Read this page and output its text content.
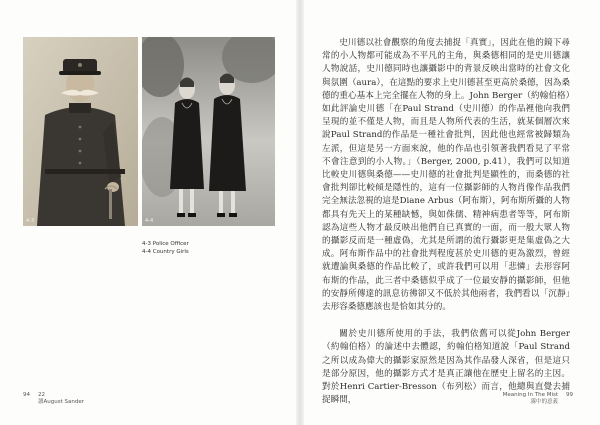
4-3	4-4
4-3 Police Officer
4-4 Country Girls
94 22
讀August Sander

史川德以社會觀察的角度去捕捉「真實」，因此在他的鏡下尋常的小人物都可能成為不平凡的主角，與桑德相同的是史川德讓人物說話，史川德同時也讓攝影中的背景反映出當時的社會文化與氛圍（aura），在這點的要求上史川德甚至更高於桑德，因為桑德的重心基本上完全擺在人物的身上。John Berger（約翰伯格）如此評論史川德「在Paul Strand（史川德）的作品裡他向我們呈現的並不僅是人物，而且是人物所代表的生活，就某個層次來說Paul Strand的作品是一種社會批判，因此他也經常被歸類為左派，但這是另一方面來說，他的作品也引領著我們看見了平常不會注意到的小人物。」（Berger, 2000, p.41），我們可以知道比較史川德與桑德——史川德的社會批判是顯性的，而桑德的社會批判卻比較傾是隱性的，這有一位攝影師的人物肖像作品我們完全無法忽視的這是Diane Arbus（阿布斯），阿布斯所攝的人物都具有先天上的某種缺憾，與如侏儒、精神病患者等等，阿布斯認為這些人物才最反映出他們自已真實的一面，而一般大眾人物的攝影反而是一種虛偽，尤其是所謂的流行攝影更是集虛偽之大成。阿布斯作品中的社會批判程度甚於史川德的更為激烈，曾經就遭論與桑德的作品比較了，或許我們可以用「悲憐」去形容阿布斯的作品，此三者中桑德似乎成了一位最安靜的攝影師，但他的安靜所傳達的訊息彷彿卻又不低於其他兩者，我們看以「沉靜」去形容桑德應該也是恰如其分的。

關於史川德所使用的手法，我們依舊可以從John Berger（約翰伯格）的論述中去體認，約翰伯格知道說「Paul Strand之所以成為偉大的攝影家原然是因為其作品發人深省，但是這只是部分原因，他的攝影方式才是真正讓他在歷史上留名的主因。對於Henri Cartier-Bresson（布列松）而言，他總與直覺去捕捉瞬間，

Meaning In The Mist
霧中的意義
99
